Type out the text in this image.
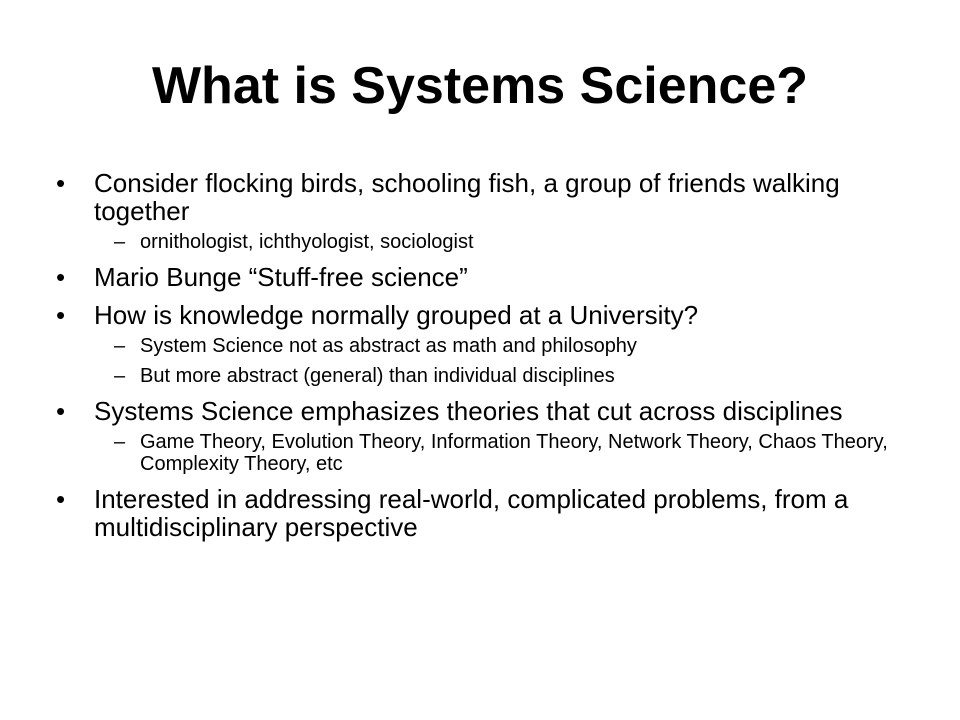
What is Systems Science?
• Consider flocking birds, schooling fish, a group of friends walking together
– ornithologist, ichthyologist, sociologist
• Mario Bunge “Stuff-free science”
• How is knowledge normally grouped at a University?
– System Science not as abstract as math and philosophy
– But more abstract (general) than individual disciplines
• Systems Science emphasizes theories that cut across disciplines
– Game Theory, Evolution Theory, Information Theory, Network Theory, Chaos Theory, Complexity Theory, etc
• Interested in addressing real-world, complicated problems, from a multidisciplinary perspective
